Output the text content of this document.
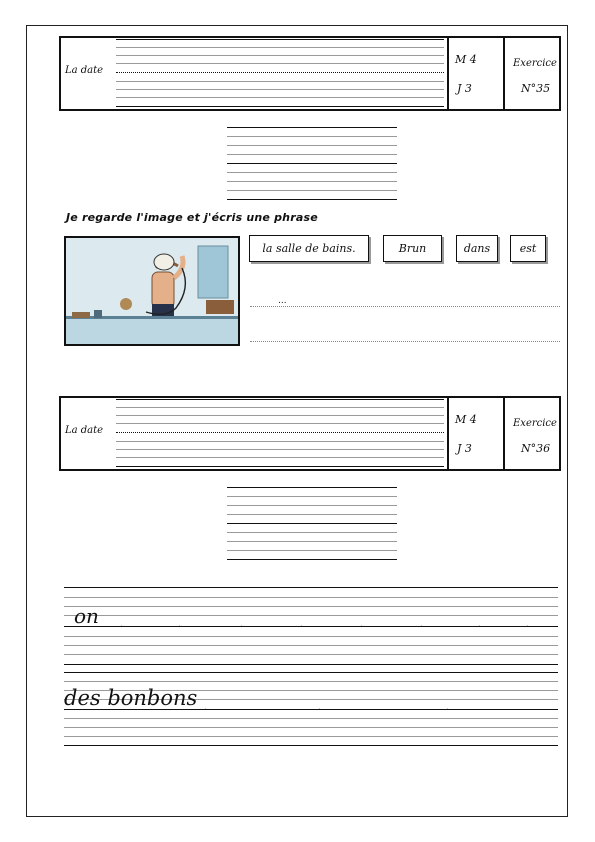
La date
M 4
J 3
Exercice
N°35
Je regarde l'image et j'écris une phrase
la salle de bains.	Brun	dans	est
...
La date
M 4
J 3
Exercice
N°36
on .	.	.	.	.	.	.	.
des bonbons .	.	.
